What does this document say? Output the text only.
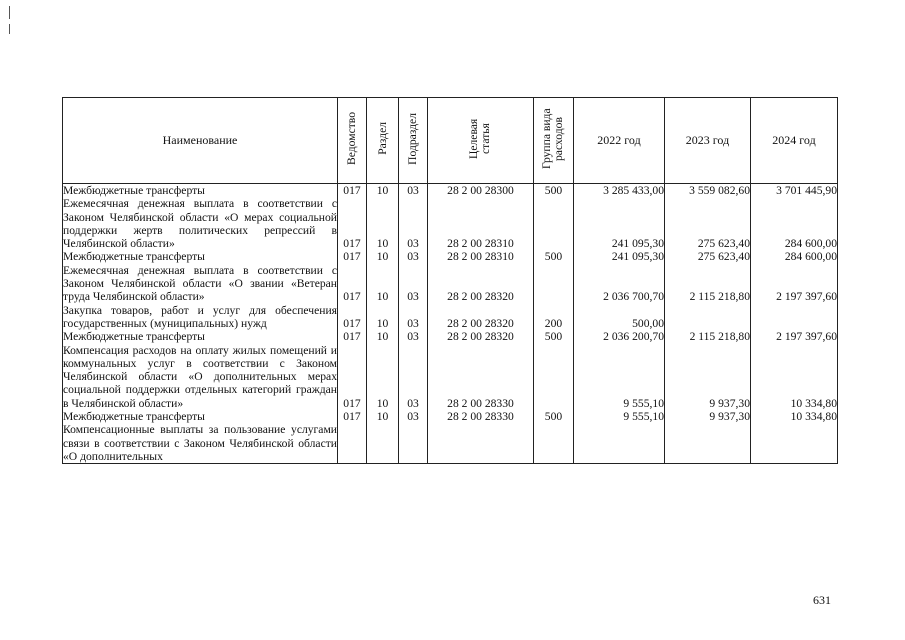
Наименование	Ведомство	Раздел	Подраздел	Целевая статья	Группа вида расходов	2022 год	2023 год	2024 год
Межбюджетные трансферты	017	10	03	28 2 00 28300	500	3 285 433,00	3 559 082,60	3 701 445,90
Ежемесячная денежная выплата в соответствии с Законом Челябинской области «О мерах социальной поддержки жертв политических репрессий в Челябинской области»	017	10	03	28 2 00 28310		241 095,30	275 623,40	284 600,00
Межбюджетные трансферты	017	10	03	28 2 00 28310	500	241 095,30	275 623,40	284 600,00
Ежемесячная денежная выплата в соответствии с Законом Челябинской области «О звании «Ветеран труда Челябинской области»	017	10	03	28 2 00 28320		2 036 700,70	2 115 218,80	2 197 397,60
Закупка товаров, работ и услуг для обеспечения государственных (муниципальных) нужд	017	10	03	28 2 00 28320	200	500,00		
Межбюджетные трансферты	017	10	03	28 2 00 28320	500	2 036 200,70	2 115 218,80	2 197 397,60
Компенсация расходов на оплату жилых помещений и коммунальных услуг в соответствии с Законом Челябинской области «О дополнительных мерах социальной поддержки отдельных категорий граждан в Челябинской области»	017	10	03	28 2 00 28330		9 555,10	9 937,30	10 334,80
Межбюджетные трансферты	017	10	03	28 2 00 28330	500	9 555,10	9 937,30	10 334,80
Компенсационные выплаты за пользование услугами связи в соответствии с Законом Челябинской области «О дополнительных								
631
